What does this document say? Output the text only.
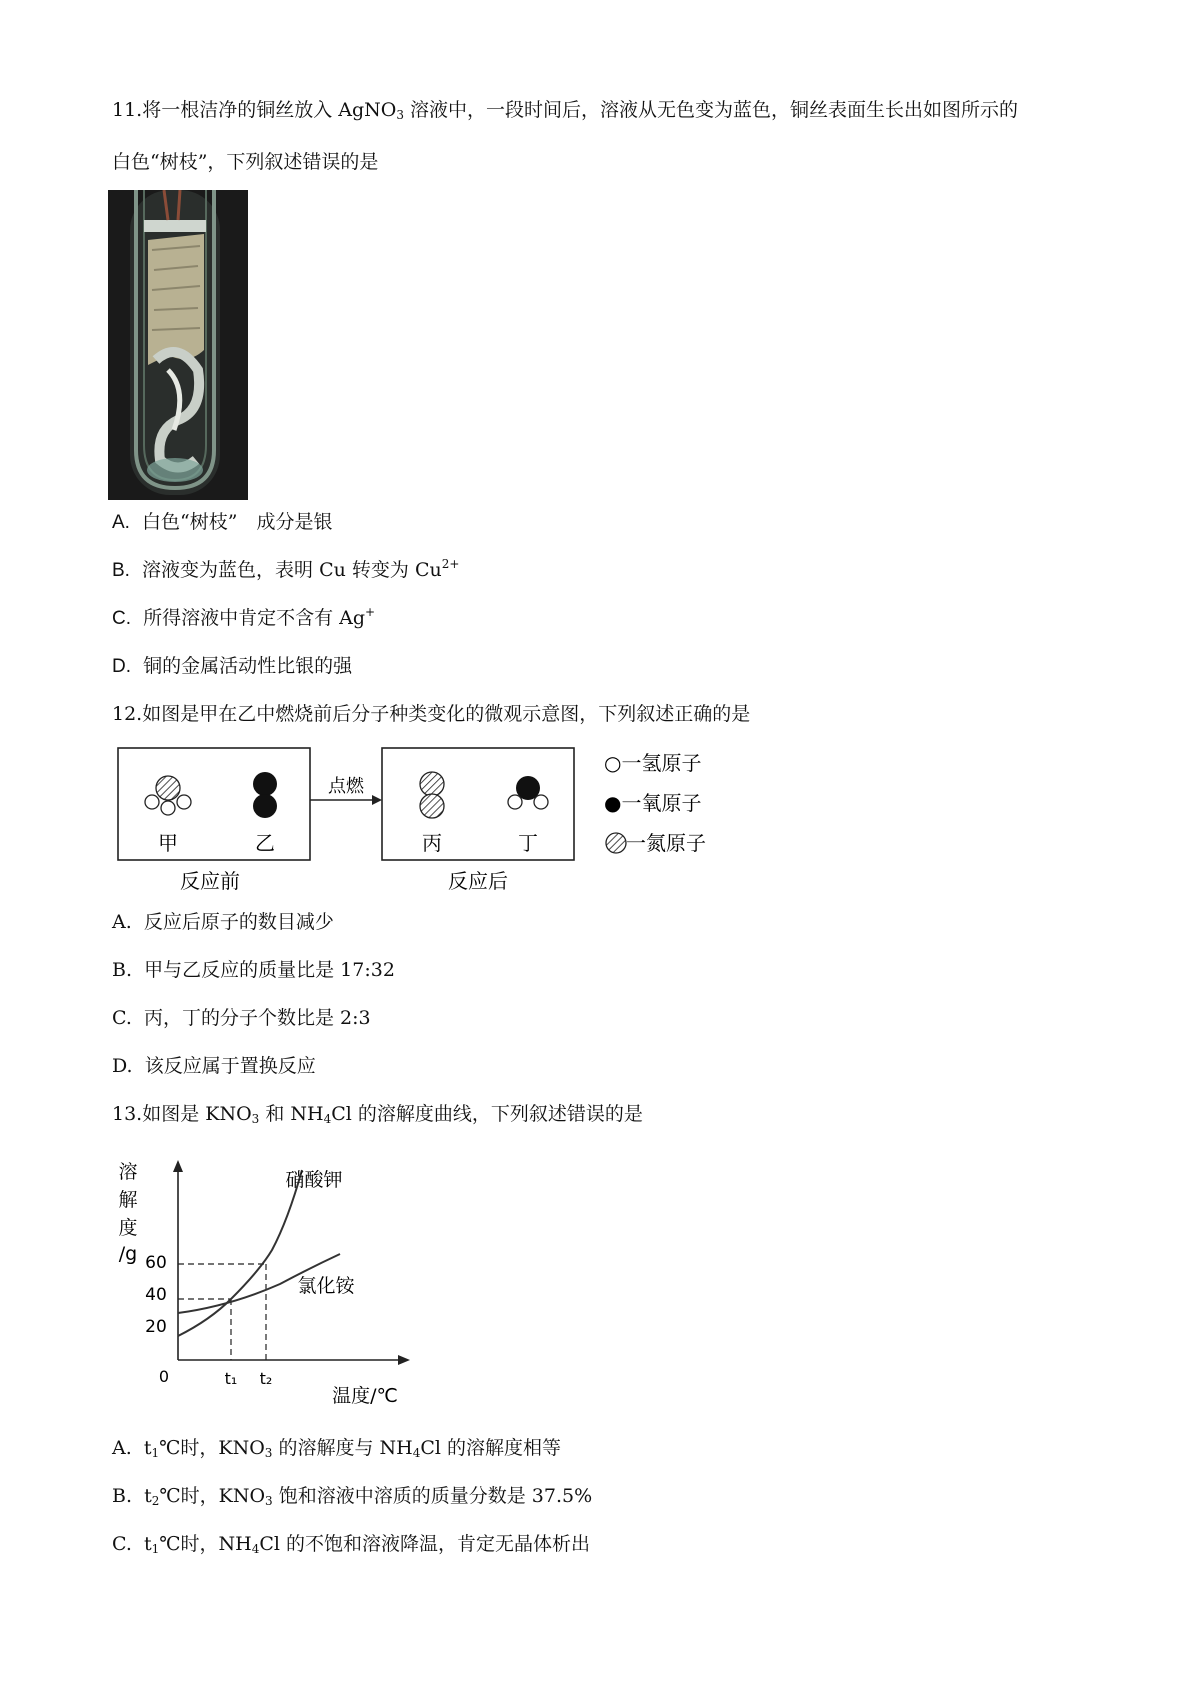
11.将一根洁净的铜丝放入 AgNO$_3$ 溶液中，一段时间后，溶液从无色变为蓝色，铜丝表面生长出如图所示的
白色“树枝”，下列叙述错误的是
A. 白色“树枝”　成分是银
B. 溶液变为蓝色，表明 Cu 转变为 $Cu^{2+}$
C. 所得溶液中肯定不含有 Ag+
D. 铜的金属活动性比银的强
12.如图是甲在乙中燃烧前后分子种类变化的微观示意图，下列叙述正确的是
甲	乙
反应前
点燃
丙	丁
反应后
○一氢原子
●一氧原子
一氮原子
A. 反应后原子的数目减少
B. 甲与乙反应的质量比是 17:32
C. 丙，丁的分子个数比是 2:3
D. 该反应属于置换反应
13.如图是 $KNO_3$ 和 $NH_4Cl$ 的溶解度曲线，下列叙述错误的是
溶
解
度
/g
0
20
40
60
t₁ t₂
温度/℃
硝酸钾
氯化铵
A. $t_1℃$时，$KNO_3$ 的溶解度与 $NH_4Cl$ 的溶解度相等
B. $t_2℃$时，$KNO_3$ 饱和溶液中溶质的质量分数是 37.5%
C. $t_1℃$时，$NH_4Cl$ 的不饱和溶液降温，肯定无晶体析出
